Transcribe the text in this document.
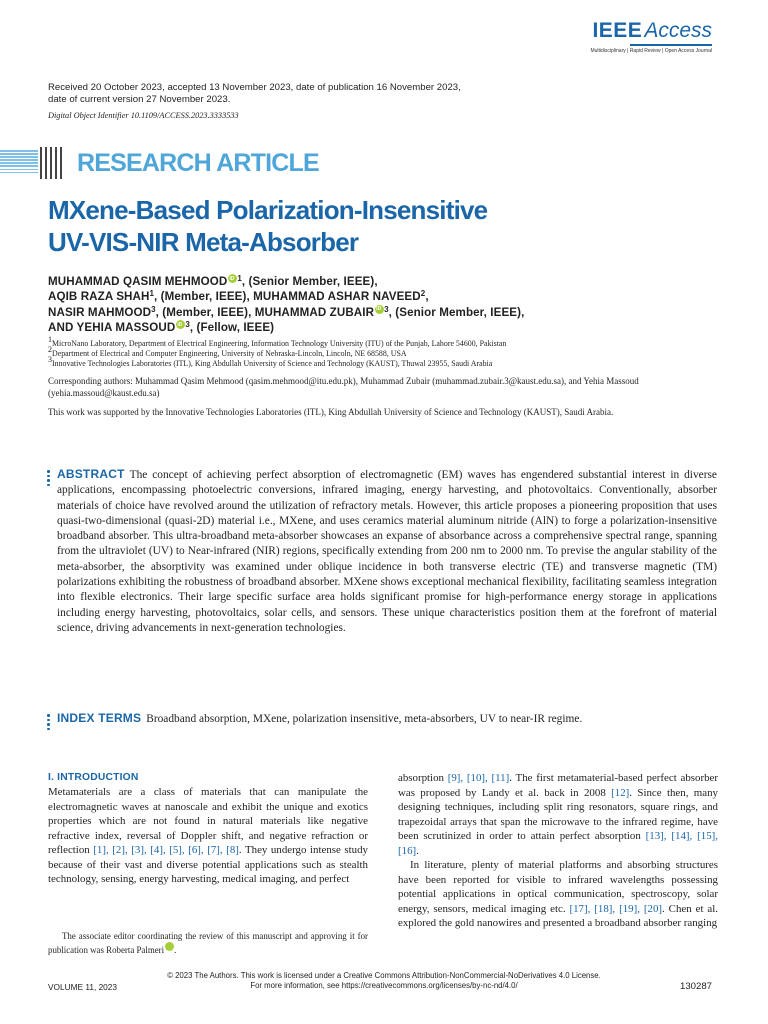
IEEEAccess
Multidisciplinary | Rapid Review | Open Access Journal
Received 20 October 2023, accepted 13 November 2023, date of publication 16 November 2023, date of current version 27 November 2023.
Digital Object Identifier 10.1109/ACCESS.2023.3333533
RESEARCH ARTICLE
MXene-Based Polarization-Insensitive
UV-VIS-NIR Meta-Absorber
MUHAMMAD QASIM MEHMOOD iD $^1$, (Senior Member, IEEE),
AQIB RAZA SHAH$^1$, (Member, IEEE), MUHAMMAD ASHAR NAVEED$^2$,
NASIR MAHMOOD$^3$, (Member, IEEE), MUHAMMAD ZUBAIR iD $^3$, (Senior Member, IEEE),
AND YEHIA MASSOUD iD $^3$, (Fellow, IEEE)
$^1$MicroNano Laboratory, Department of Electrical Engineering, Information Technology University (ITU) of the Punjab, Lahore 54600, Pakistan
$^2$Department of Electrical and Computer Engineering, University of Nebraska-Lincoln, Lincoln, NE 68588, USA
$^3$Innovative Technologies Laboratories (ITL), King Abdullah University of Science and Technology (KAUST), Thuwal 23955, Saudi Arabia
Corresponding authors: Muhammad Qasim Mehmood (qasim.mehmood@itu.edu.pk), Muhammad Zubair (muhammad.zubair.3@kaust.edu.sa), and Yehia Massoud (yehia.massoud@kaust.edu.sa)
This work was supported by the Innovative Technologies Laboratories (ITL), King Abdullah University of Science and Technology (KAUST), Saudi Arabia.
ABSTRACT The concept of achieving perfect absorption of electromagnetic (EM) waves has engendered substantial interest in diverse applications, encompassing photoelectric conversions, infrared imaging, energy harvesting, and photovoltaics. Conventionally, absorber materials of choice have revolved around the utilization of refractory metals. However, this article proposes a pioneering proposition that uses quasi-two-dimensional (quasi-2D) material i.e., MXene, and uses ceramics material aluminum nitride (AlN) to forge a polarization-insensitive broadband absorber. This ultra-broadband meta-absorber showcases an expanse of absorbance across a comprehensive spectral range, spanning from the ultraviolet (UV) to Near-infrared (NIR) regions, specifically extending from 200 nm to 2000 nm. To previse the angular stability of the meta-absorber, the absorptivity was examined under oblique incidence in both transverse electric (TE) and transverse magnetic (TM) polarizations exhibiting the robustness of broadband absorber. MXene shows exceptional mechanical flexibility, facilitating seamless integration into flexible electronics. Their large specific surface area holds significant promise for high-performance energy storage in applications including energy harvesting, photovoltaics, solar cells, and sensors. These unique characteristics position them at the forefront of material science, driving advancements in next-generation technologies.
INDEX TERMS Broadband absorption, MXene, polarization insensitive, meta-absorbers, UV to near-IR regime.
I. INTRODUCTION

Metamaterials are a class of materials that can manipulate the electromagnetic waves at nanoscale and exhibit the unique and exotics properties which are not found in natural materials like negative refractive index, reversal of Doppler shift, and negative refraction or reflection [1], [2], [3], [4], [5], [6], [7], [8]. They undergo intense study because of their vast and diverse potential applications such as stealth technology, sensing, energy harvesting, medical imaging, and perfect

The associate editor coordinating the review of this manuscript and approving it for publication was Roberta Palmeri iD .

absorption [9], [10], [11]. The first metamaterial-based perfect absorber was proposed by Landy et al. back in 2008 [12]. Since then, many designing techniques, including split ring resonators, square rings, and trapezoidal arrays that span the microwave to the infrared regime, have been scrutinized in order to attain perfect absorption [13], [14], [15], [16].

In literature, plenty of material platforms and absorbing structures have been reported for visible to infrared wavelengths possessing potential applications in optical communication, spectroscopy, solar energy, sensors, medical imaging etc. [17], [18], [19], [20]. Chen et al. explored the gold nanowires and presented a broadband absorber ranging

© 2023 The Authors. This work is licensed under a Creative Commons Attribution-NonCommercial-NoDerivatives 4.0 License.
For more information, see https://creativecommons.org/licenses/by-nc-nd/4.0/
VOLUME 11, 2023	130287
